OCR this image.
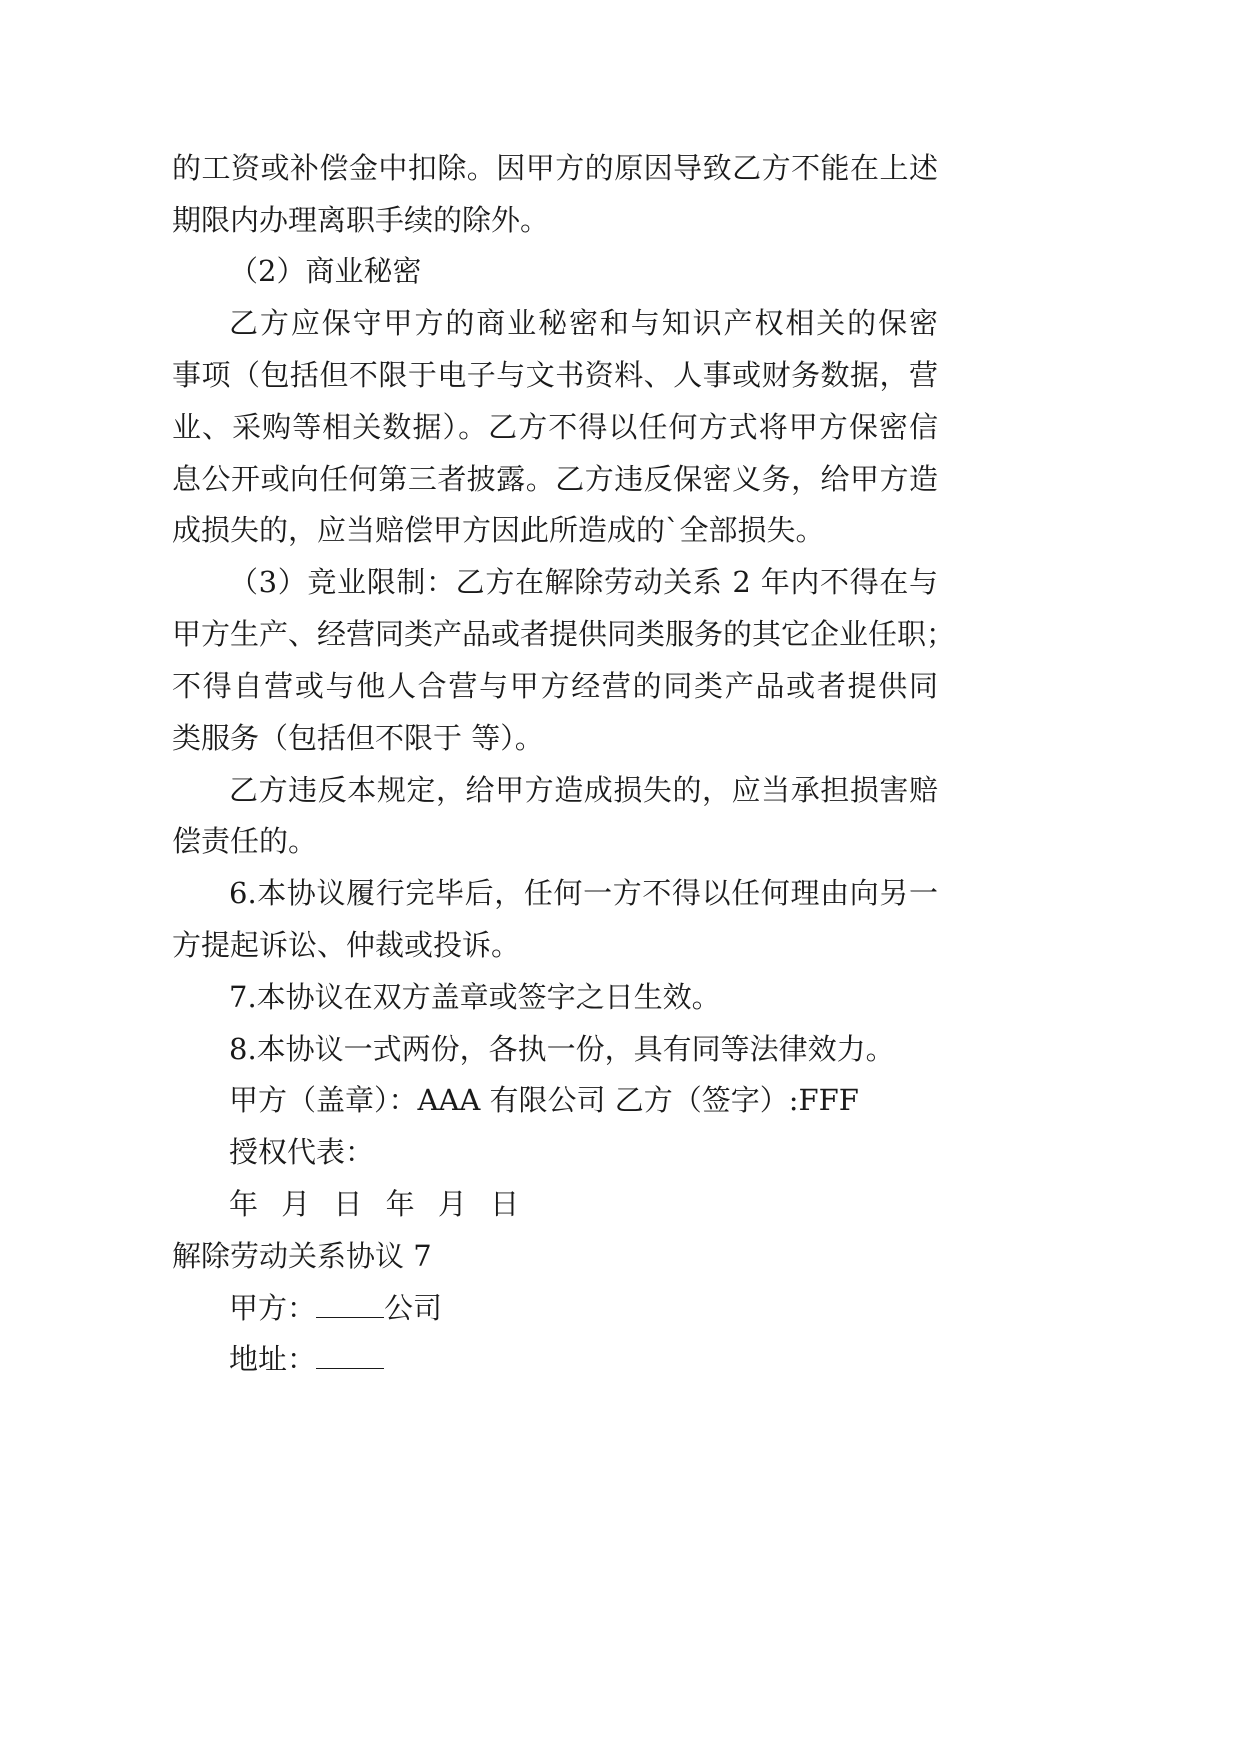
的工资或补偿金中扣除。因甲方的原因导致乙方不能在上述
期限内办理离职手续的除外。
（2）商业秘密
乙方应保守甲方的商业秘密和与知识产权相关的保密
事项（包括但不限于电子与文书资料、人事或财务数据，营
业、采购等相关数据）。乙方不得以任何方式将甲方保密信
息公开或向任何第三者披露。乙方违反保密义务，给甲方造
成损失的，应当赔偿甲方因此所造成的`全部损失。
（3）竞业限制：乙方在解除劳动关系 2 年内不得在与
甲方生产、经营同类产品或者提供同类服务的其它企业任职；
不得自营或与他人合营与甲方经营的同类产品或者提供同
类服务（包括但不限于 等）。
乙方违反本规定，给甲方造成损失的，应当承担损害赔
偿责任的。
6.本协议履行完毕后，任何一方不得以任何理由向另一
方提起诉讼、仲裁或投诉。
7.本协议在双方盖章或签字之日生效。
8.本协议一式两份，各执一份，具有同等法律效力。
甲方（盖章）：AAA 有限公司 乙方（签字）:FFF
授权代表：
年 月 日 年 月 日
解除劳动关系协议 7
甲方： 公司
地址：
